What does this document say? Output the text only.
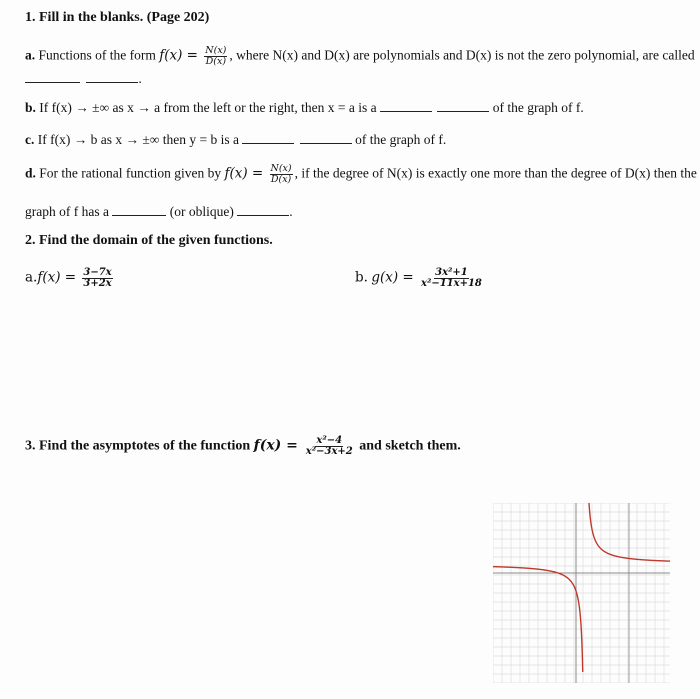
1. Fill in the blanks. (Page 202)
a. Functions of the form $f(x) = \frac{N(x)}{D(x)}$ , where N(x) and D(x) are polynomials and D(x) is not the zero polynomial, are called
.
b. If f(x) → ±∞ as x → a from the left or the right, then x = a is a	of the graph of f.
c. If f(x) → b as x → ±∞ then y = b is a	of the graph of f.
d. For the rational function given by $f(x) = \frac{N(x)}{D(x)}$ , if the degree of N(x) is exactly one more than the degree of D(x) then the
graph of f has a	(or oblique)	.
2. Find the domain of the given functions.
$a.f(x) = \frac{3-7x}{3+2x}$	b. $g(x) = \frac{\text{3x²+1}}{\text{x²−11x+18}}$
3. Find the asymptotes of the function $f(x) = \frac{\text{x²−4}}{\text{x²−3x+2}}$ and sketch them.
